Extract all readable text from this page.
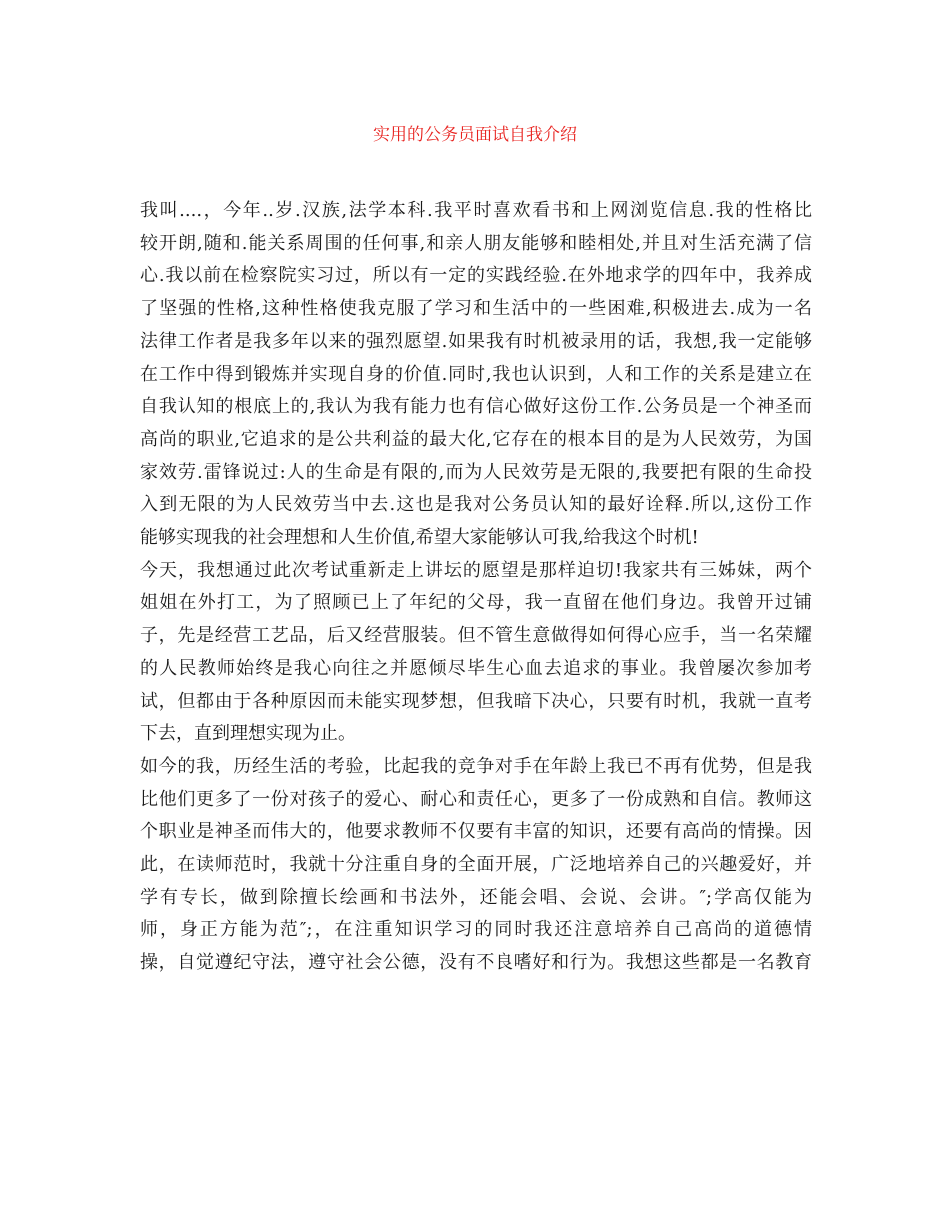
实用的公务员面试自我介绍

我叫....，今年..岁.汉族,法学本科.我平时喜欢看书和上网浏览信息.我的性格比
较开朗,随和.能关系周围的任何事,和亲人朋友能够和睦相处,并且对生活充满了信
心.我以前在检察院实习过，所以有一定的实践经验.在外地求学的四年中，我养成
了坚强的性格,这种性格使我克服了学习和生活中的一些困难,积极进去.成为一名
法律工作者是我多年以来的强烈愿望.如果我有时机被录用的话，我想,我一定能够
在工作中得到锻炼并实现自身的价值.同时,我也认识到，人和工作的关系是建立在
自我认知的根底上的,我认为我有能力也有信心做好这份工作.公务员是一个神圣而
高尚的职业,它追求的是公共利益的最大化,它存在的根本目的是为人民效劳，为国
家效劳.雷锋说过:人的生命是有限的,而为人民效劳是无限的,我要把有限的生命投
入到无限的为人民效劳当中去.这也是我对公务员认知的最好诠释.所以,这份工作
能够实现我的社会理想和人生价值,希望大家能够认可我,给我这个时机!

今天，我想通过此次考试重新走上讲坛的愿望是那样迫切!我家共有三姊妹，两个
姐姐在外打工，为了照顾已上了年纪的父母，我一直留在他们身边。我曾开过铺
子，先是经营工艺品，后又经营服装。但不管生意做得如何得心应手，当一名荣耀
的人民教师始终是我心向往之并愿倾尽毕生心血去追求的事业。我曾屡次参加考
试，但都由于各种原因而未能实现梦想，但我暗下决心，只要有时机，我就一直考
下去，直到理想实现为止。

如今的我，历经生活的考验，比起我的竞争对手在年龄上我已不再有优势，但是我
比他们更多了一份对孩子的爱心、耐心和责任心，更多了一份成熟和自信。教师这
个职业是神圣而伟大的，他要求教师不仅要有丰富的知识，还要有高尚的情操。因
此，在读师范时，我就十分注重自身的全面开展，广泛地培养自己的兴趣爱好，并
学有专长，做到除擅长绘画和书法外，还能会唱、会说、会讲。″;学高仅能为
师，身正方能为范″;，在注重知识学习的同时我还注意培养自己高尚的道德情
操，自觉遵纪守法，遵守社会公德，没有不良嗜好和行为。我想这些都是一名教育
